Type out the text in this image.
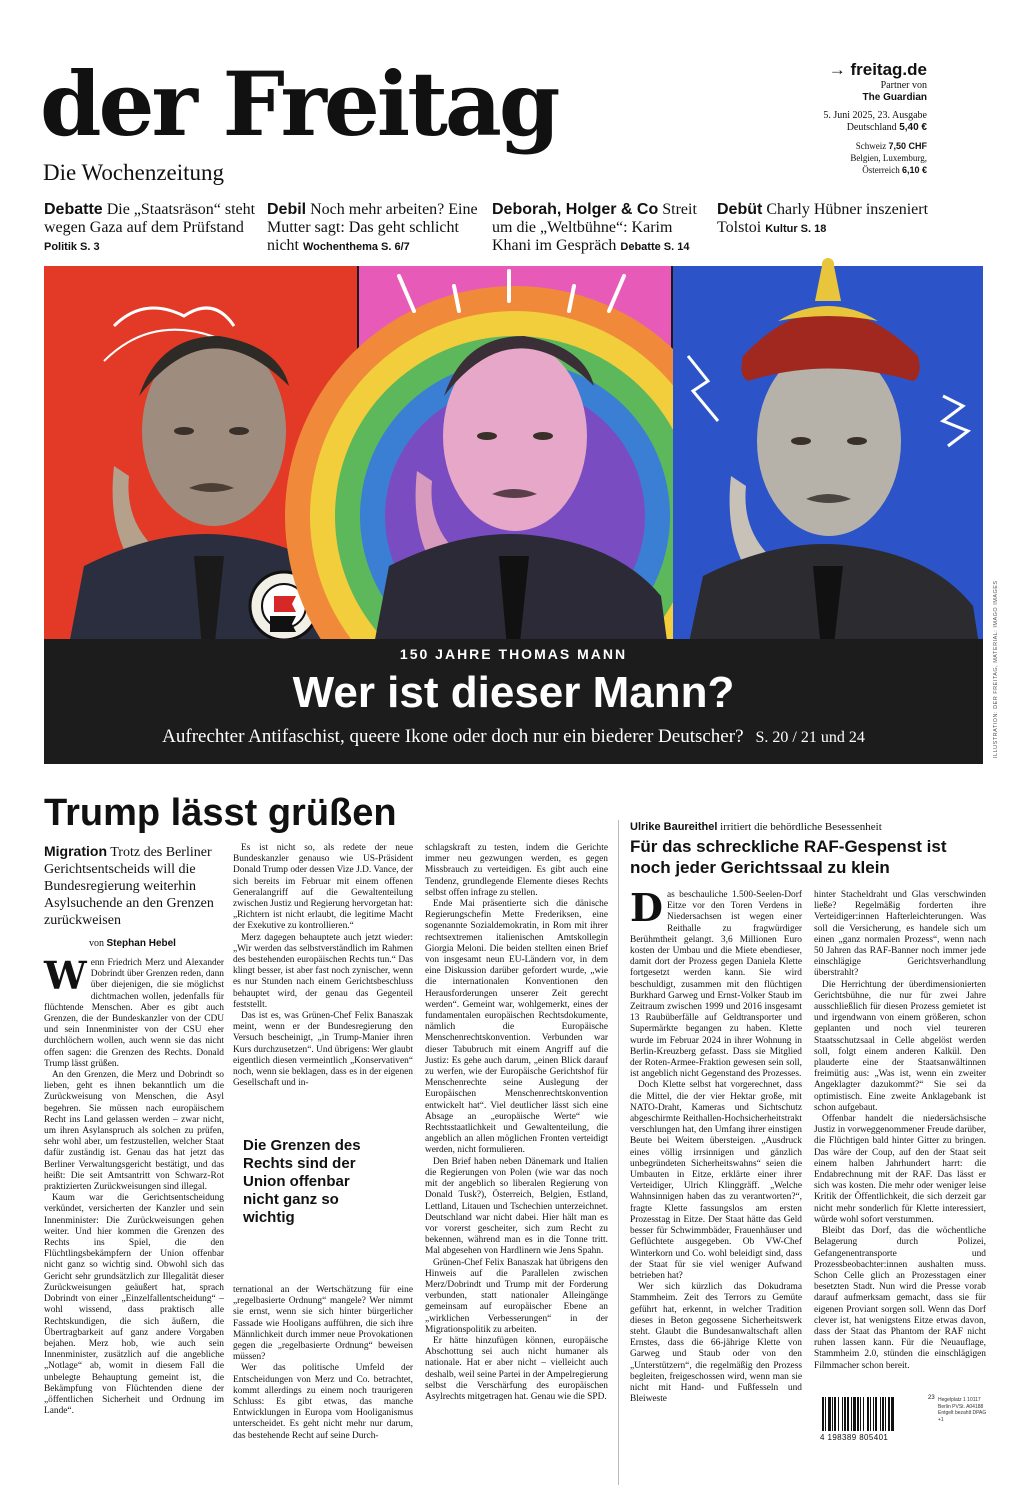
der Freitag
Die Wochenzeitung
→ freitag.de
Partner von
The Guardian
5. Juni 2025, 23. Ausgabe
Deutschland 5,40 €
Schweiz 7,50 CHF
Belgien, Luxemburg,
Österreich 6,10 €
Debatte Die „Staatsräson“ steht wegen Gaza auf dem Prüfstand Politik S. 3
Debil Noch mehr arbeiten? Eine Mutter sagt: Das geht schlicht nicht Wochenthema S. 6/7
Deborah, Holger & Co Streit um die „Weltbühne“: Karim Khani im Gespräch Debatte S. 14
Debüt Charly Hübner inszeniert Tolstoi Kultur S. 18
150 JAHRE THOMAS MANN
Wer ist dieser Mann?
Aufrechter Antifaschist, queere Ikone oder doch nur ein biederer Deutscher? S. 20 / 21 und 24	ILLUSTRATION: DER FREITAG, MATERIAL: IMAGO IMAGES
Trump lässt grüßen
Migration Trotz des Berliner Gerichtsentscheids will die Bundesregierung weiterhin Asylsuchende an den Grenzen zurückweisen
von Stephan Hebel

Wenn Friedrich Merz und Alexander Dobrindt über Grenzen reden, dann über diejenigen, die sie möglichst dichtmachen wollen, jedenfalls für flüchtende Menschen. Aber es gibt auch Grenzen, die der Bundeskanzler von der CDU und sein Innenminister von der CSU eher durchlöchern wollen, auch wenn sie das nicht offen sagen: die Grenzen des Rechts. Donald Trump lässt grüßen.

An den Grenzen, die Merz und Dobrindt so lieben, geht es ihnen bekanntlich um die Zurückweisung von Menschen, die Asyl begehren. Sie müssen nach europäischem Recht ins Land gelassen werden – zwar nicht, um ihren Asylanspruch als solchen zu prüfen, sehr wohl aber, um festzustellen, welcher Staat dafür zuständig ist. Genau das hat jetzt das Berliner Verwaltungsgericht bestätigt, und das heißt: Die seit Amtsantritt von Schwarz-Rot praktizierten Zurückweisungen sind illegal.

Kaum war die Gerichtsentscheidung verkündet, versicherten der Kanzler und sein Innenminister: Die Zurückweisungen gehen weiter. Und hier kommen die Grenzen des Rechts ins Spiel, die den Flüchtlingsbekämpfern der Union offenbar nicht ganz so wichtig sind. Obwohl sich das Gericht sehr grundsätzlich zur Illegalität dieser Zurückweisungen geäußert hat, sprach Dobrindt von einer „Einzelfallentscheidung“ – wohl wissend, dass praktisch alle Rechtskundigen, die sich äußern, die Übertragbarkeit auf ganz andere Vorgaben bejahen. Merz hob, wie auch sein Innenminister, zusätzlich auf die angebliche „Notlage“ ab, womit in diesem Fall die unbelegte Behauptung gemeint ist, die Bekämpfung von Flüchtenden diene der „öffentlichen Sicherheit und Ordnung im Lande“.

Es ist nicht so, als redete der neue Bundeskanzler genauso wie US-Präsident Donald Trump oder dessen Vize J.D. Vance, der sich bereits im Februar mit einem offenen Generalangriff auf die Gewaltenteilung zwischen Justiz und Regierung hervorgetan hat: „Richtern ist nicht erlaubt, die legitime Macht der Exekutive zu kontrollieren.“

Merz dagegen behauptete auch jetzt wieder: „Wir werden das selbstverständlich im Rahmen des bestehenden europäischen Rechts tun.“ Das klingt besser, ist aber fast noch zynischer, wenn es nur Stunden nach einem Gerichtsbeschluss behauptet wird, der genau das Gegenteil feststellt.

Das ist es, was Grünen-Chef Felix Banaszak meint, wenn er der Bundesregierung den Versuch bescheinigt, „in Trump-Manier ihren Kurs durchzusetzen“. Und übrigens: Wer glaubt eigentlich diesen vermeintlich „Konservativen“ noch, wenn sie beklagen, dass es in der eigenen Gesellschaft und in-

Die Grenzen des Rechts sind der Union offenbar nicht ganz so wichtig

ternational an der Wertschätzung für eine „regelbasierte Ordnung“ mangele? Wer nimmt sie ernst, wenn sie sich hinter bürgerlicher Fassade wie Hooligans aufführen, die sich ihre Männlichkeit durch immer neue Provokationen gegen die „regelbasierte Ordnung“ beweisen müssen?

Wer das politische Umfeld der Entscheidungen von Merz und Co. betrachtet, kommt allerdings zu einem noch traurigeren Schluss: Es gibt etwas, das manche Entwicklungen in Europa vom Hooliganismus unterscheidet. Es geht nicht mehr nur darum, das bestehende Recht auf seine Durch-

schlagskraft zu testen, indem die Gerichte immer neu gezwungen werden, es gegen Missbrauch zu verteidigen. Es gibt auch eine Tendenz, grundlegende Elemente dieses Rechts selbst offen infrage zu stellen.

Ende Mai präsentierte sich die dänische Regierungschefin Mette Frederiksen, eine sogenannte Sozialdemokratin, in Rom mit ihrer rechtsextremen italienischen Amtskollegin Giorgia Meloni. Die beiden stellten einen Brief von insgesamt neun EU-Ländern vor, in dem eine Diskussion darüber gefordert wurde, „wie die internationalen Konventionen den Herausforderungen unserer Zeit gerecht werden“. Gemeint war, wohlgemerkt, eines der fundamentalen europäischen Rechtsdokumente, nämlich die Europäische Menschenrechtskonvention. Verbunden war dieser Tabubruch mit einem Angriff auf die Justiz: Es gehe auch darum, „einen Blick darauf zu werfen, wie der Europäische Gerichtshof für Menschenrechte seine Auslegung der Europäischen Menschenrechtskonvention entwickelt hat“. Viel deutlicher lässt sich eine Absage an „europäische Werte“ wie Rechtsstaatlichkeit und Gewaltenteilung, die angeblich an allen möglichen Fronten verteidigt werden, nicht formulieren.

Den Brief haben neben Dänemark und Italien die Regierungen von Polen (wie war das noch mit der angeblich so liberalen Regierung von Donald Tusk?), Österreich, Belgien, Estland, Lettland, Litauen und Tschechien unterzeichnet. Deutschland war nicht dabei. Hier hält man es vor vorerst gescheiter, sich zum Recht zu bekennen, während man es in die Tonne tritt. Mal abgesehen von Hardlinern wie Jens Spahn.

Grünen-Chef Felix Banaszak hat übrigens den Hinweis auf die Parallelen zwischen Merz/Dobrindt und Trump mit der Forderung verbunden, statt nationaler Alleingänge gemeinsam auf europäischer Ebene an „wirklichen Verbesserungen“ in der Migrationspolitik zu arbeiten.

Er hätte hinzufügen können, europäische Abschottung sei auch nicht humaner als nationale. Hat er aber nicht – vielleicht auch deshalb, weil seine Partei in der Ampelregierung selbst die Verschärfung des europäischen Asylrechts mitgetragen hat. Genau wie die SPD.

Ulrike Baureithel irritiert die behördliche Besessenheit
Für das schreckliche RAF-Gespenst ist noch jeder Gerichtssaal zu klein

Das beschauliche 1.500-Seelen-Dorf Eitze vor den Toren Verdens in Niedersachsen ist wegen einer Reithalle zu fragwürdiger Berühmtheit gelangt. 3,6 Millionen Euro kosten der Umbau und die Miete ebendieser, damit dort der Prozess gegen Daniela Klette fortgesetzt werden kann. Sie wird beschuldigt, zusammen mit den flüchtigen Burkhard Garweg und Ernst-Volker Staub im Zeitraum zwischen 1999 und 2016 insgesamt 13 Raubüberfälle auf Geldtransporter und Supermärkte begangen zu haben. Klette wurde im Februar 2024 in ihrer Wohnung in Berlin-Kreuzberg gefasst. Dass sie Mitglied der Roten-Armee-Fraktion gewesen sein soll, ist angeblich nicht Gegenstand des Prozesses.

Doch Klette selbst hat vorgerechnet, dass die Mittel, die der vier Hektar große, mit NATO-Draht, Kameras und Sichtschutz abgeschirmte Reithallen-Hochsicherheitstrakt verschlungen hat, den Umfang ihrer einstigen Beute bei Weitem übersteigen. „Ausdruck eines völlig irrsinnigen und gänzlich unbegründeten Sicherheitswahns“ seien die Umbauten in Eitze, erklärte einer ihrer Verteidiger, Ulrich Klinggräff. „Welche Wahnsinnigen haben das zu verantworten?“, fragte Klette fassungslos am ersten Prozesstag in Eitze. Der Staat hätte das Geld besser für Schwimmbäder, Frauenhäuser und Geflüchtete ausgegeben. Ob VW-Chef Winterkorn und Co. wohl beleidigt sind, dass der Staat für sie viel weniger Aufwand betrieben hat?

Wer sich kürzlich das Dokudrama Stammheim. Zeit des Terrors zu Gemüte geführt hat, erkennt, in welcher Tradition dieses in Beton gegossene Sicherheitswerk steht. Glaubt die Bundesanwaltschaft allen Ernstes, dass die 66-jährige Klette von Garweg und Staub oder von den „Unterstützern“, die regelmäßig den Prozess begleiten, freigeschossen wird, wenn man sie nicht mit Hand- und Fußfesseln und Bleiweste

hinter Stacheldraht und Glas verschwinden ließe? Regelmäßig forderten ihre Verteidiger:innen Hafterleichterungen. Was soll die Versicherung, es handele sich um einen „ganz normalen Prozess“, wenn nach 50 Jahren das RAF-Banner noch immer jede einschlägige Gerichtsverhandlung überstrahlt?

Die Herrichtung der überdimensionierten Gerichtsbühne, die nur für zwei Jahre ausschließlich für diesen Prozess gemietet ist und irgendwann von einem größeren, schon geplanten und noch viel teureren Staatsschutzsaal in Celle abgelöst werden soll, folgt einem anderen Kalkül. Den plauderte eine der Staatsanwältinnen freimütig aus: „Was ist, wenn ein zweiter Angeklagter dazukommt?“ Sie sei da optimistisch. Eine zweite Anklagebank ist schon aufgebaut.

Offenbar handelt die niedersächsische Justiz in vorweggenommener Freude darüber, die Flüchtigen bald hinter Gitter zu bringen. Das wäre der Coup, auf den der Staat seit einem halben Jahrhundert harrt: die Endabrechnung mit der RAF. Das lässt er sich was kosten. Die mehr oder weniger leise Kritik der Öffentlichkeit, die sich derzeit gar nicht mehr sonderlich für Klette interessiert, würde wohl sofort verstummen.

Bleibt das Dorf, das die wöchentliche Belagerung durch Polizei, Gefangenentransporte und Prozessbeobachter:innen aushalten muss. Schon Celle glich an Prozesstagen einer besetzten Stadt. Nun wird die Presse vorab darauf aufmerksam gemacht, dass sie für eigenen Proviant sorgen soll. Wenn das Dorf clever ist, hat wenigstens Eitze etwas davon, dass der Staat das Phantom der RAF nicht ruhen lassen kann. Für die Neuauflage, Stammheim 2.0, stünden die einschlägigen Filmmacher schon bereit.

4 198389 805401
23 Hegelplatz 1 10117 Berlin PVSt. A04188 Entgelt bezahlt DPAG +1
